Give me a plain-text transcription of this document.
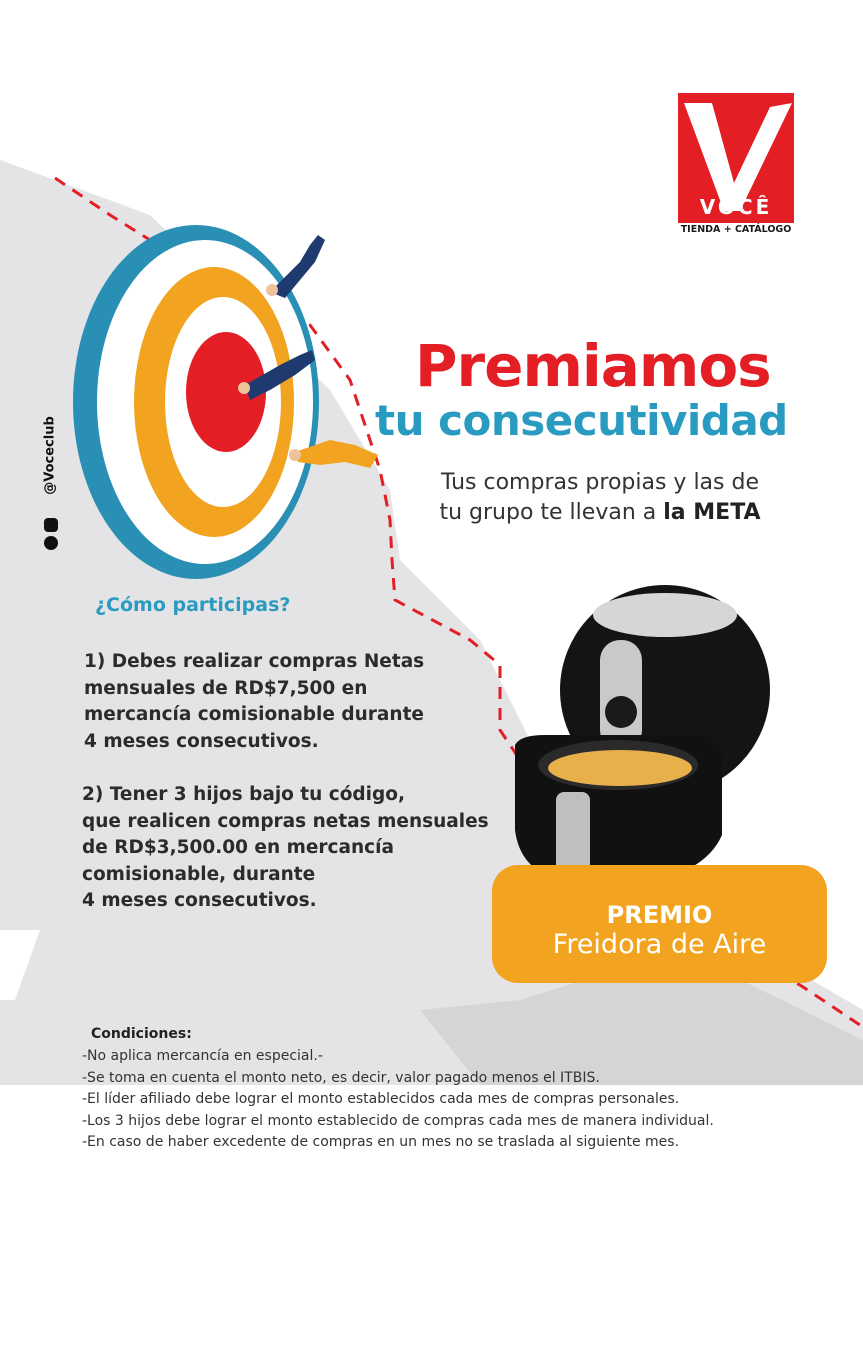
VOCÊ
TIENDA + CATÁLOGO
@Voceclub
Premiamos
tu consecutividad
Tus compras propias y las de
tu grupo te llevan a la META
¿Cómo participas?
1) Debes realizar compras Netas
mensuales de RD$7,500 en
mercancía comisionable durante
4 meses consecutivos.
2) Tener 3 hijos bajo tu código,
que realicen compras netas mensuales
de RD$3,500.00 en mercancía
comisionable, durante
4 meses consecutivos.
PREMIO
Freidora de Aire
Condiciones:
-No aplica mercancía en especial.-
-Se toma en cuenta el monto neto, es decir, valor pagado menos el ITBIS.
-El líder afiliado debe lograr el monto establecidos cada mes de compras personales.
-Los 3 hijos debe lograr el monto establecido de compras cada mes de manera individual.
-En caso de haber excedente de compras en un mes no se traslada al siguiente mes.
